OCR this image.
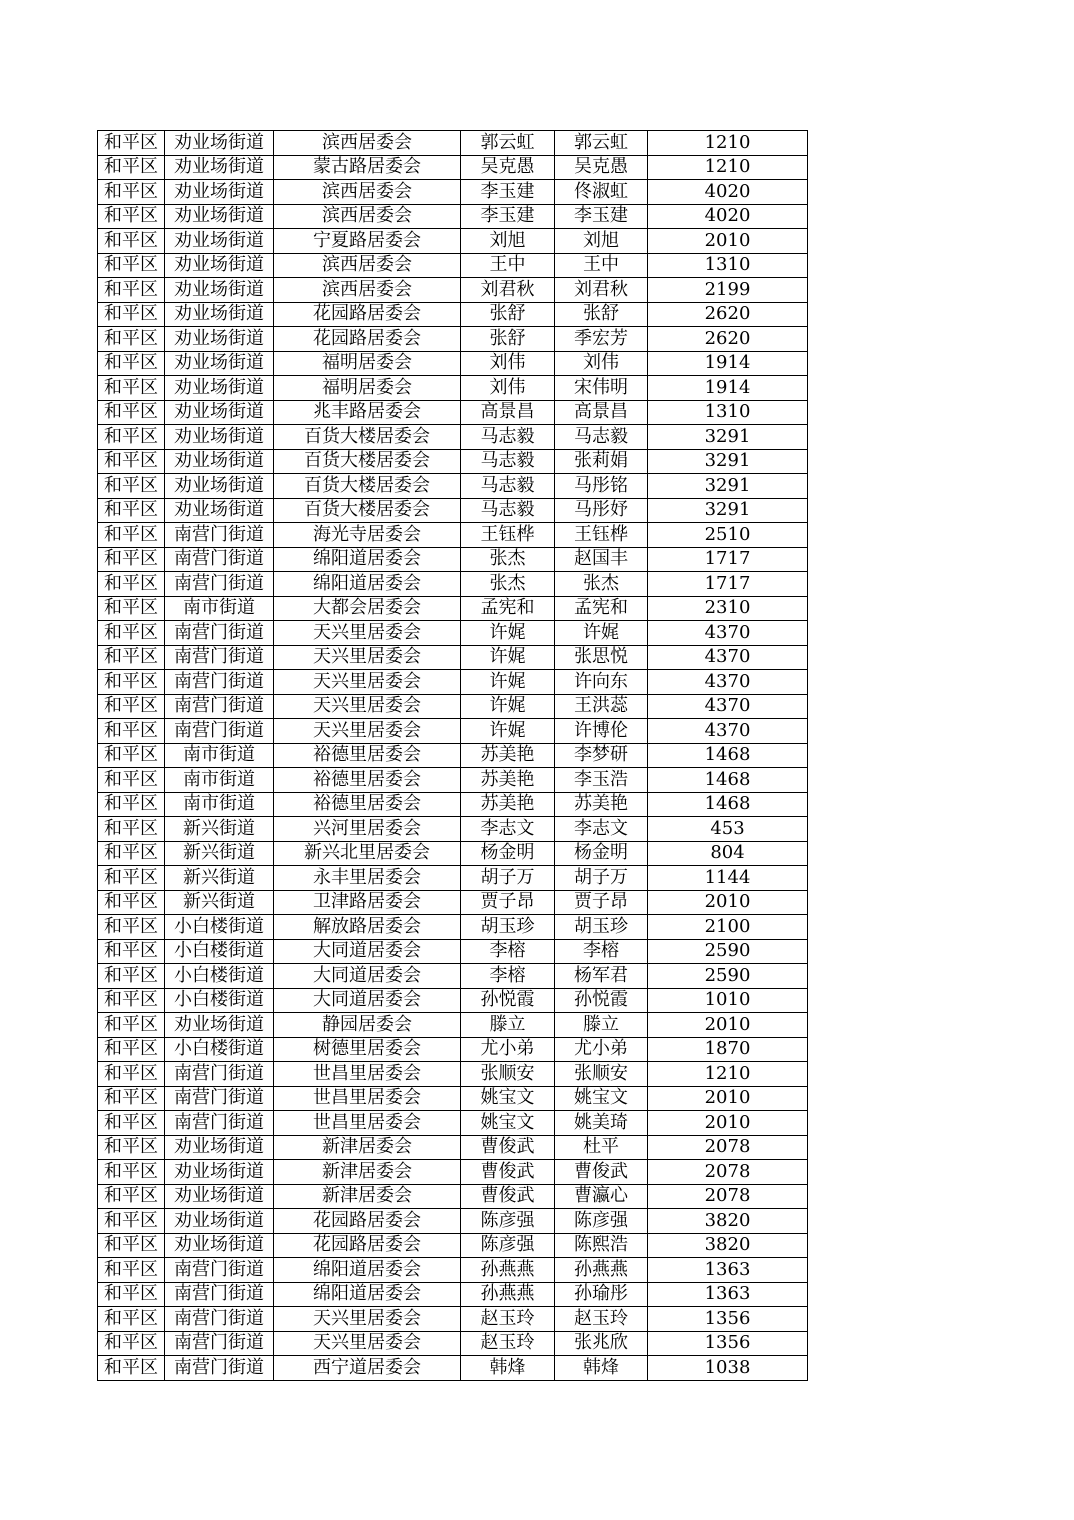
和平区	劝业场街道	滨西居委会	郭云虹	郭云虹	1210
和平区	劝业场街道	蒙古路居委会	吴克愚	吴克愚	1210
和平区	劝业场街道	滨西居委会	李玉建	佟淑虹	4020
和平区	劝业场街道	滨西居委会	李玉建	李玉建	4020
和平区	劝业场街道	宁夏路居委会	刘旭	刘旭	2010
和平区	劝业场街道	滨西居委会	王中	王中	1310
和平区	劝业场街道	滨西居委会	刘君秋	刘君秋	2199
和平区	劝业场街道	花园路居委会	张舒	张舒	2620
和平区	劝业场街道	花园路居委会	张舒	季宏芳	2620
和平区	劝业场街道	福明居委会	刘伟	刘伟	1914
和平区	劝业场街道	福明居委会	刘伟	宋伟明	1914
和平区	劝业场街道	兆丰路居委会	高景昌	高景昌	1310
和平区	劝业场街道	百货大楼居委会	马志毅	马志毅	3291
和平区	劝业场街道	百货大楼居委会	马志毅	张莉娟	3291
和平区	劝业场街道	百货大楼居委会	马志毅	马彤铭	3291
和平区	劝业场街道	百货大楼居委会	马志毅	马彤妤	3291
和平区	南营门街道	海光寺居委会	王钰桦	王钰桦	2510
和平区	南营门街道	绵阳道居委会	张杰	赵国丰	1717
和平区	南营门街道	绵阳道居委会	张杰	张杰	1717
和平区	南市街道	大都会居委会	孟宪和	孟宪和	2310
和平区	南营门街道	天兴里居委会	许娓	许娓	4370
和平区	南营门街道	天兴里居委会	许娓	张思悦	4370
和平区	南营门街道	天兴里居委会	许娓	许向东	4370
和平区	南营门街道	天兴里居委会	许娓	王洪蕊	4370
和平区	南营门街道	天兴里居委会	许娓	许博伦	4370
和平区	南市街道	裕德里居委会	苏美艳	李梦研	1468
和平区	南市街道	裕德里居委会	苏美艳	李玉浩	1468
和平区	南市街道	裕德里居委会	苏美艳	苏美艳	1468
和平区	新兴街道	兴河里居委会	李志文	李志文	453
和平区	新兴街道	新兴北里居委会	杨金明	杨金明	804
和平区	新兴街道	永丰里居委会	胡子万	胡子万	1144
和平区	新兴街道	卫津路居委会	贾子昂	贾子昂	2010
和平区	小白楼街道	解放路居委会	胡玉珍	胡玉珍	2100
和平区	小白楼街道	大同道居委会	李榕	李榕	2590
和平区	小白楼街道	大同道居委会	李榕	杨军君	2590
和平区	小白楼街道	大同道居委会	孙悦霞	孙悦霞	1010
和平区	劝业场街道	静园居委会	滕立	滕立	2010
和平区	小白楼街道	树德里居委会	尤小弟	尤小弟	1870
和平区	南营门街道	世昌里居委会	张顺安	张顺安	1210
和平区	南营门街道	世昌里居委会	姚宝文	姚宝文	2010
和平区	南营门街道	世昌里居委会	姚宝文	姚美琦	2010
和平区	劝业场街道	新津居委会	曹俊武	杜平	2078
和平区	劝业场街道	新津居委会	曹俊武	曹俊武	2078
和平区	劝业场街道	新津居委会	曹俊武	曹瀛心	2078
和平区	劝业场街道	花园路居委会	陈彦强	陈彦强	3820
和平区	劝业场街道	花园路居委会	陈彦强	陈熙浩	3820
和平区	南营门街道	绵阳道居委会	孙燕燕	孙燕燕	1363
和平区	南营门街道	绵阳道居委会	孙燕燕	孙瑜彤	1363
和平区	南营门街道	天兴里居委会	赵玉玲	赵玉玲	1356
和平区	南营门街道	天兴里居委会	赵玉玲	张兆欣	1356
和平区	南营门街道	西宁道居委会	韩烽	韩烽	1038
